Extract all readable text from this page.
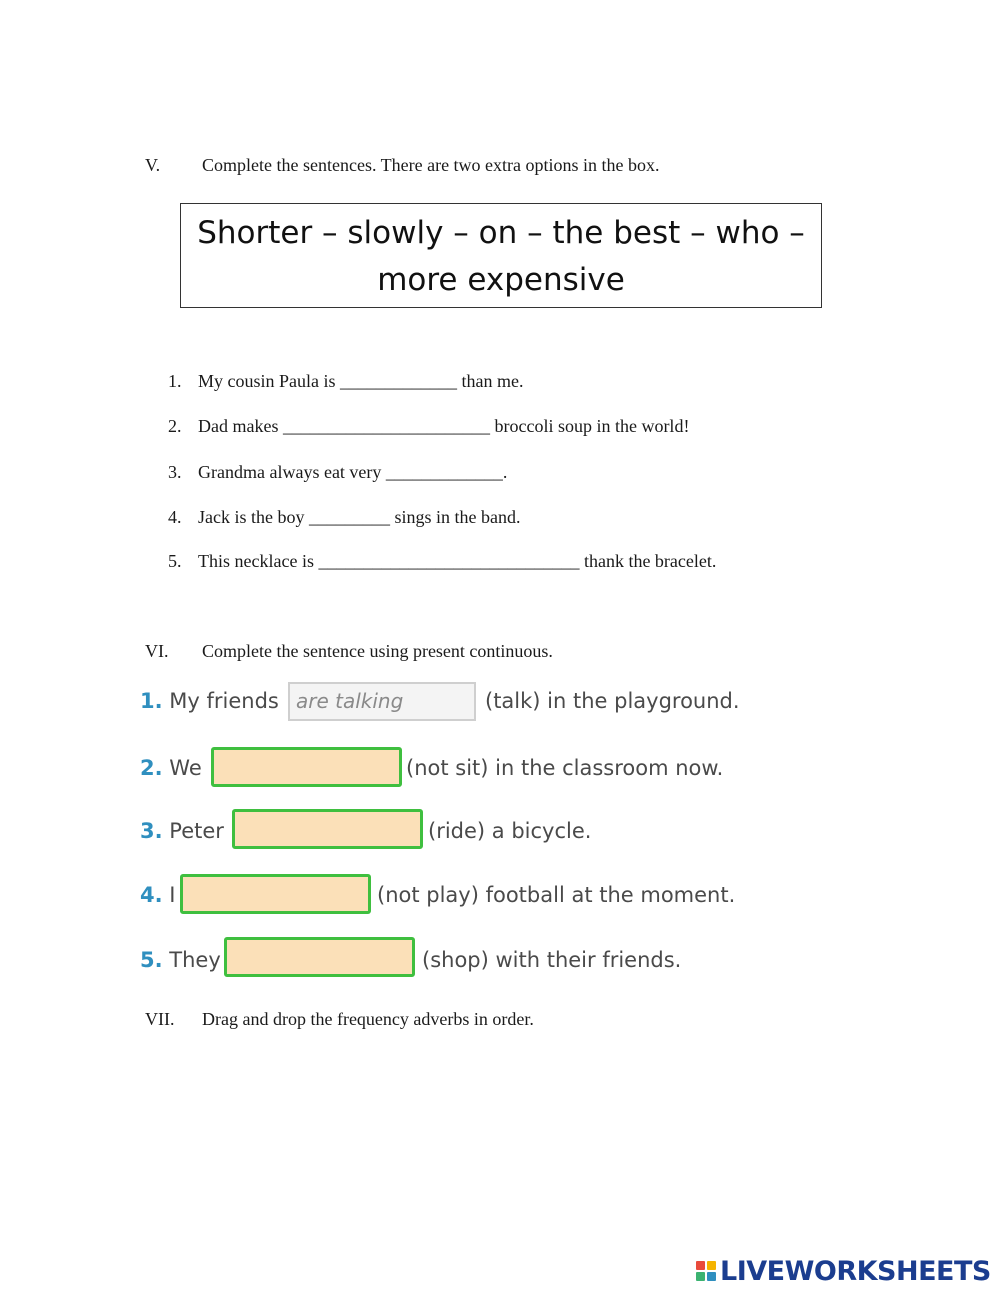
V. Complete the sentences. There are two extra options in the box.
Shorter – slowly – on – the best – who –
more expensive
1. My cousin Paula is _____________ than me.
2. Dad makes _______________________ broccoli soup in the world!
3. Grandma always eat very _____________.
4. Jack is the boy _________ sings in the band.
5. This necklace is _____________________________ thank the bracelet.
VI. Complete the sentence using present continuous.
1. My friends are talking	(talk) in the playground.
2. We	(not sit) in the classroom now.
3. Peter	(ride) a bicycle.
4. I	(not play) football at the moment.
5. They	(shop) with their friends.
VII. Drag and drop the frequency adverbs in order.
LIVEWORKSHEETS
